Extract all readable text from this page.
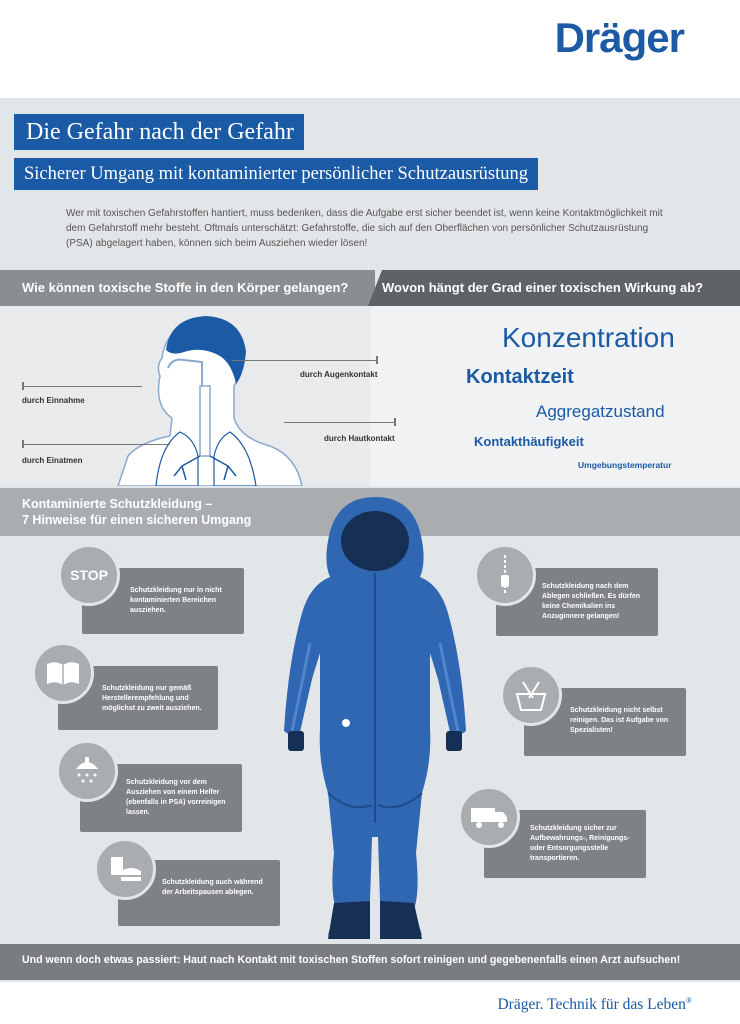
Dräger
Die Gefahr nach der Gefahr
Sicherer Umgang mit kontaminierter persönlicher Schutzausrüstung
Wer mit toxischen Gefahrstoffen hantiert, muss bedenken, dass die Aufgabe erst sicher beendet ist, wenn keine Kontaktmöglichkeit mit dem Gefahrstoff mehr besteht. Oftmals unterschätzt: Gefahrstoffe, die sich auf den Oberflächen von persönlicher Schutzausrüstung (PSA) abgelagert haben, können sich beim Ausziehen wieder lösen!
Wie können toxische Stoffe in den Körper gelangen?	Wovon hängt der Grad einer toxischen Wirkung ab?
durch Einnahme
durch Einatmen
durch Augenkontakt
durch Hautkontakt
Konzentration
Kontaktzeit
Aggregatzustand
Kontakthäufigkeit
Umgebungstemperatur
Kontaminierte Schutzkleidung –
7 Hinweise für einen sicheren Umgang
Schutzkleidung nur in nicht kontaminierten Bereichen ausziehen.
STOP
Schutzkleidung nur gemäß Herstellerempfehlung und möglichst zu zweit ausziehen.
Schutzkleidung vor dem Ausziehen von einem Helfer (ebenfalls in PSA) vorreinigen lassen.
Schutzkleidung auch während der Arbeitspausen ablegen.
Schutzkleidung nach dem Ablegen schließen. Es dürfen keine Chemikalien ins Anzuginnere gelangen!
Schutzkleidung nicht selbst reinigen. Das ist Aufgabe von Spezialisten!
Schutzkleidung sicher zur Aufbewahrungs-, Reinigungs- oder Entsorgungsstelle transportieren.
Und wenn doch etwas passiert: Haut nach Kontakt mit toxischen Stoffen sofort reinigen und gegebenenfalls einen Arzt aufsuchen!
Dräger. Technik für das Leben®
